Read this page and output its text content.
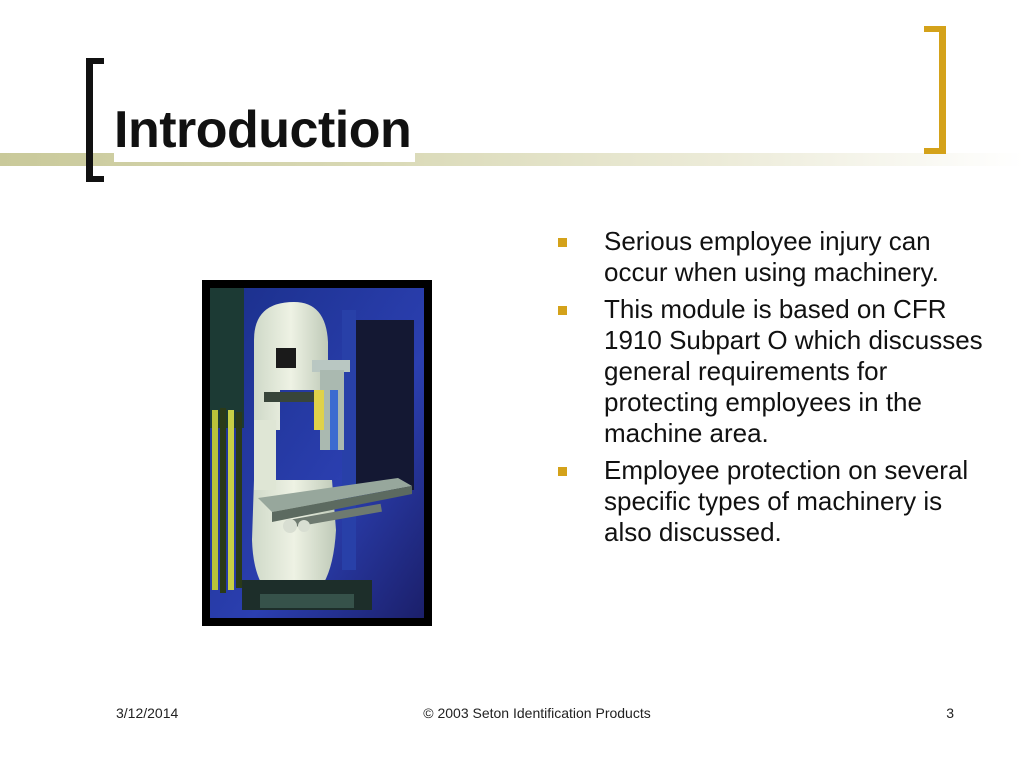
Introduction
Serious employee injury can occur when using machinery.
This module is based on CFR 1910 Subpart O which discusses general requirements for protecting employees in the machine area.
Employee protection on several specific types of machinery is also discussed.
3/12/2014	© 2003 Seton Identification Products	3
